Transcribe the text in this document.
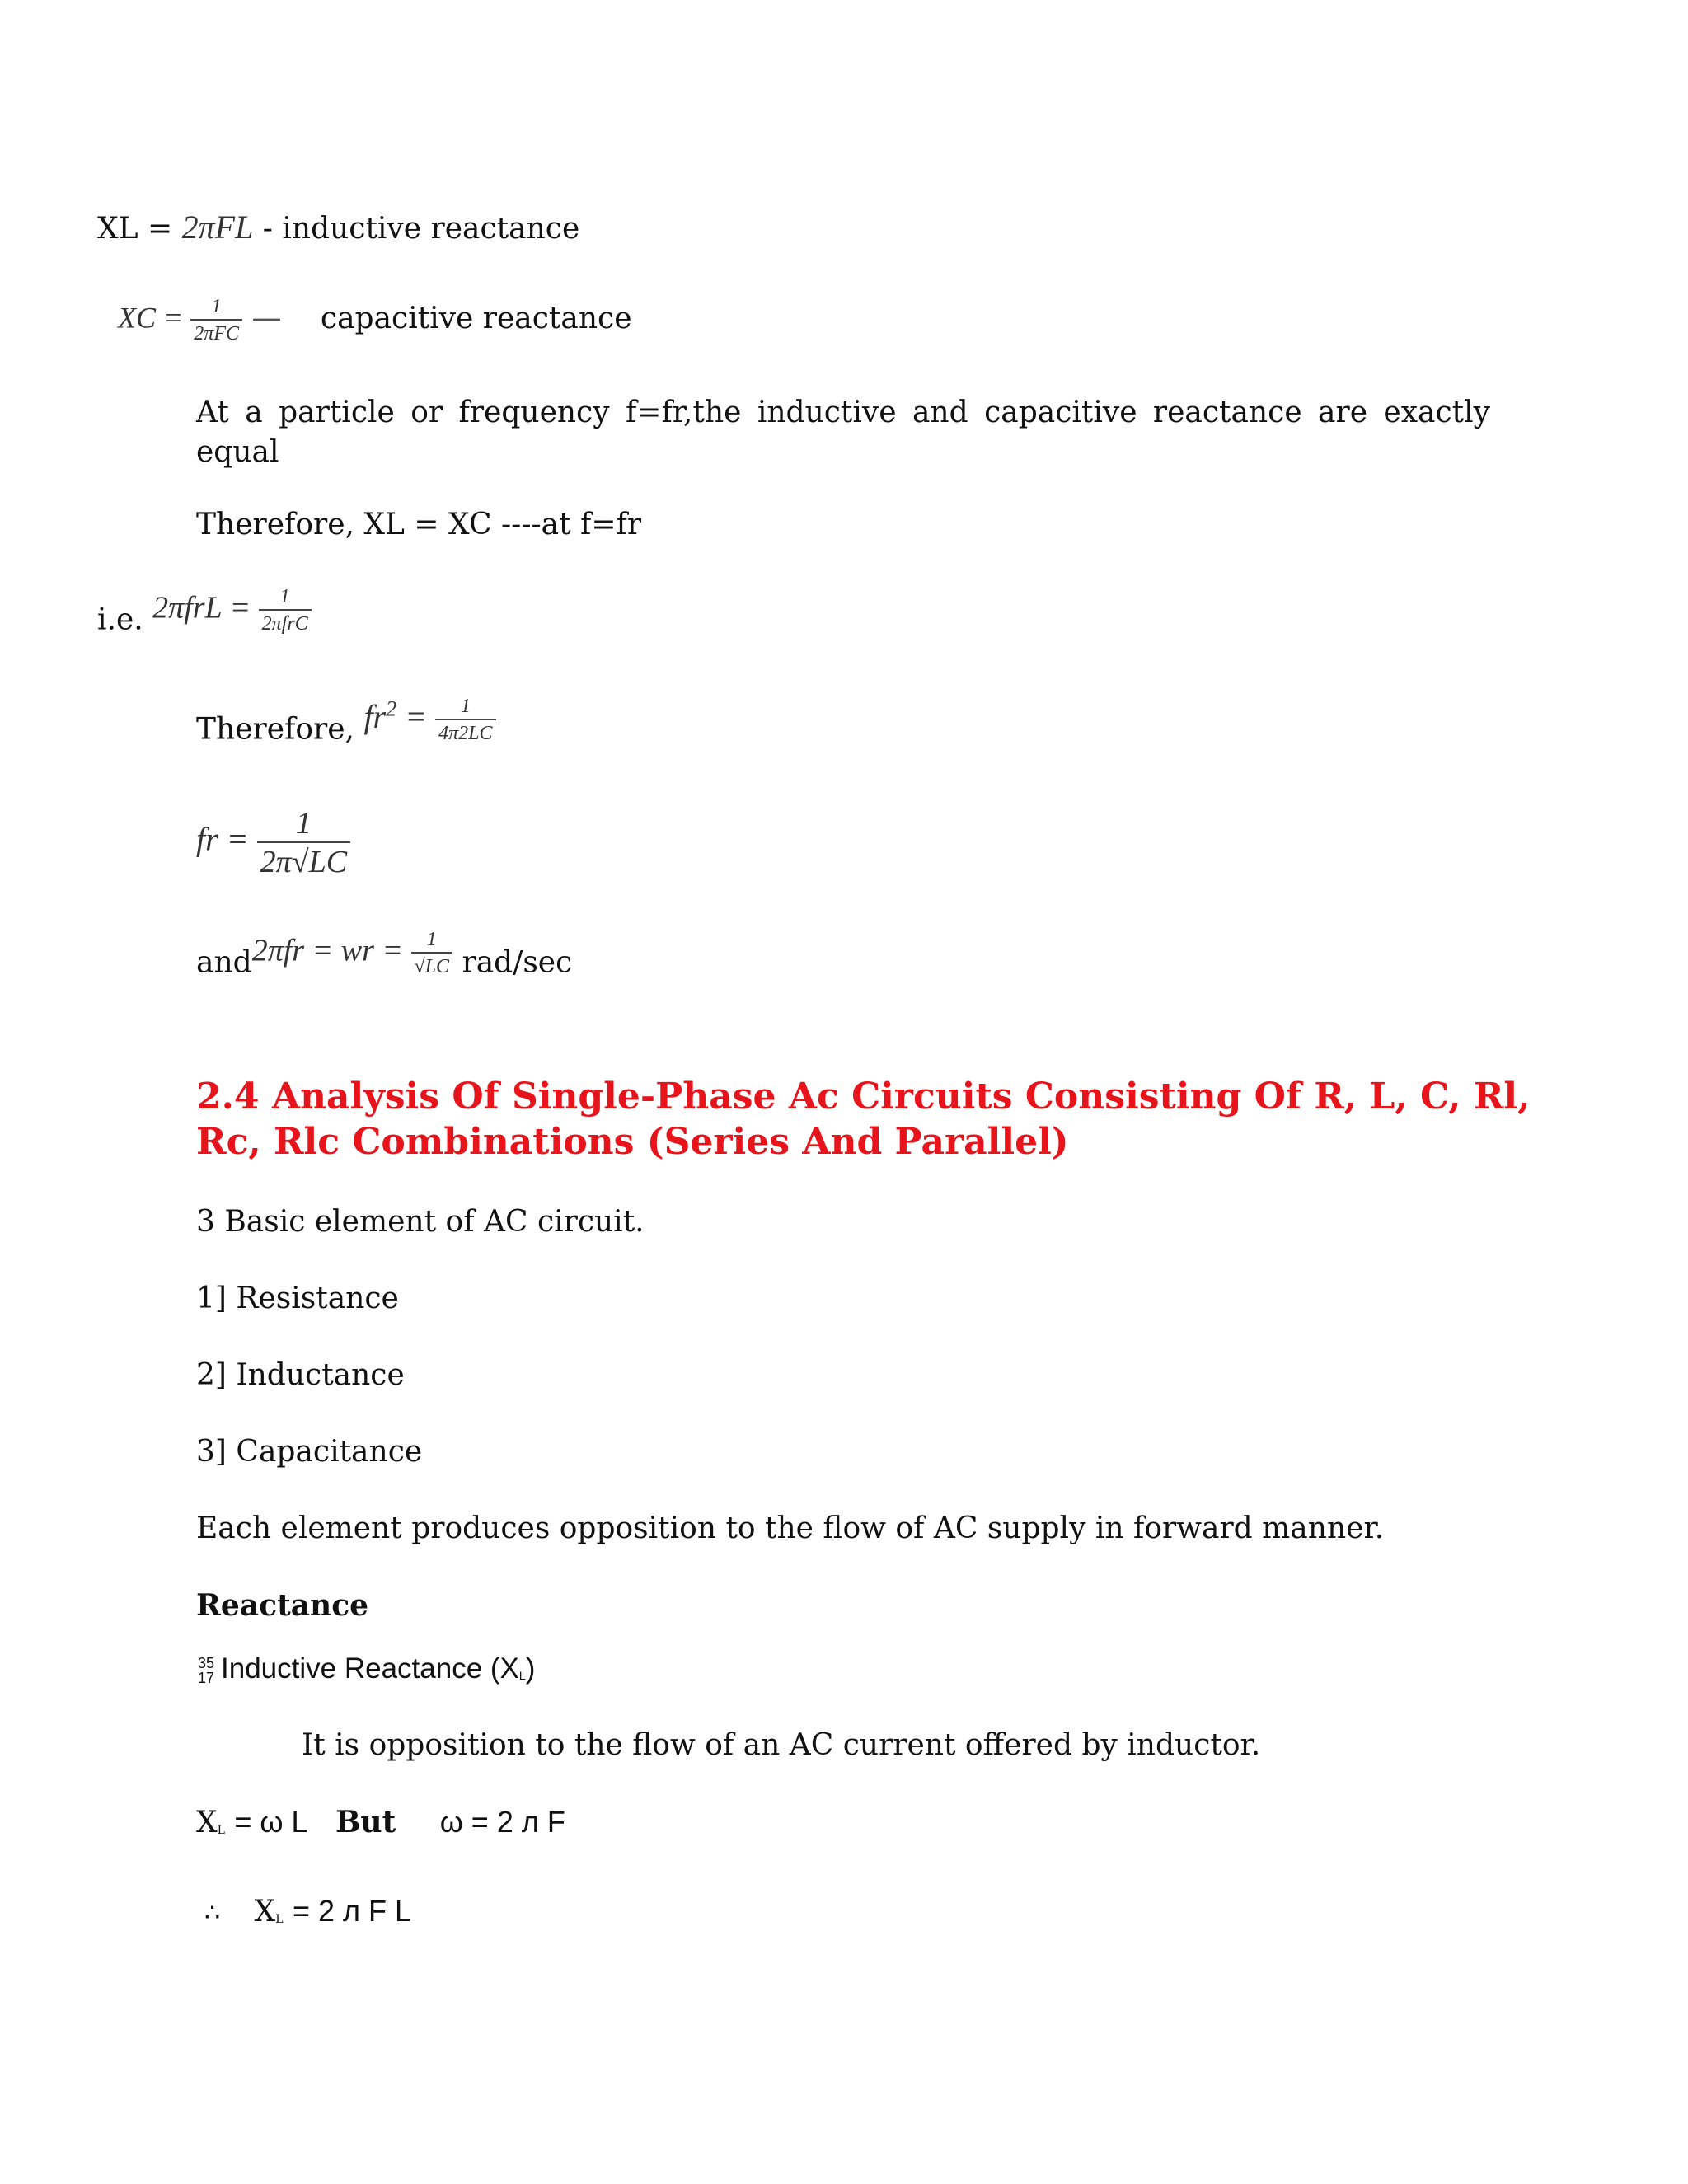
XL = 2πFL - inductive reactance
XC = $\frac{1}{\text{2πFC}}$ — capacitive reactance
At a particle or frequency f=fr,the inductive and capacitive reactance are exactly equal
Therefore, XL = XC ----at f=fr
i.e. $2\pi frL = \frac{1}{\text{2πfrC}}$
Therefore, $fr^2 = \frac{1}{4\pi 2LC}$
fr = $\frac{1}{2\pi√LC}$
and2πfr = wr = $\frac{1}{√LC} rad/\sec$
2.4 Analysis Of Single-Phase Ac Circuits Consisting Of R, L, C, Rl, Rc, Rlc Combinations (Series And Parallel)
3 Basic element of AC circuit.
1] Resistance
2] Inductance
3] Capacitance
Each element produces opposition to the flow of AC supply in forward manner.
Reactance
35
17 Inductive Reactance $(X_L)$
It is opposition to the flow of an AC current offered by inductor.
$X_L = \omega$ L But ω = 2 л F
∴ $X_L = 2$ л F L
